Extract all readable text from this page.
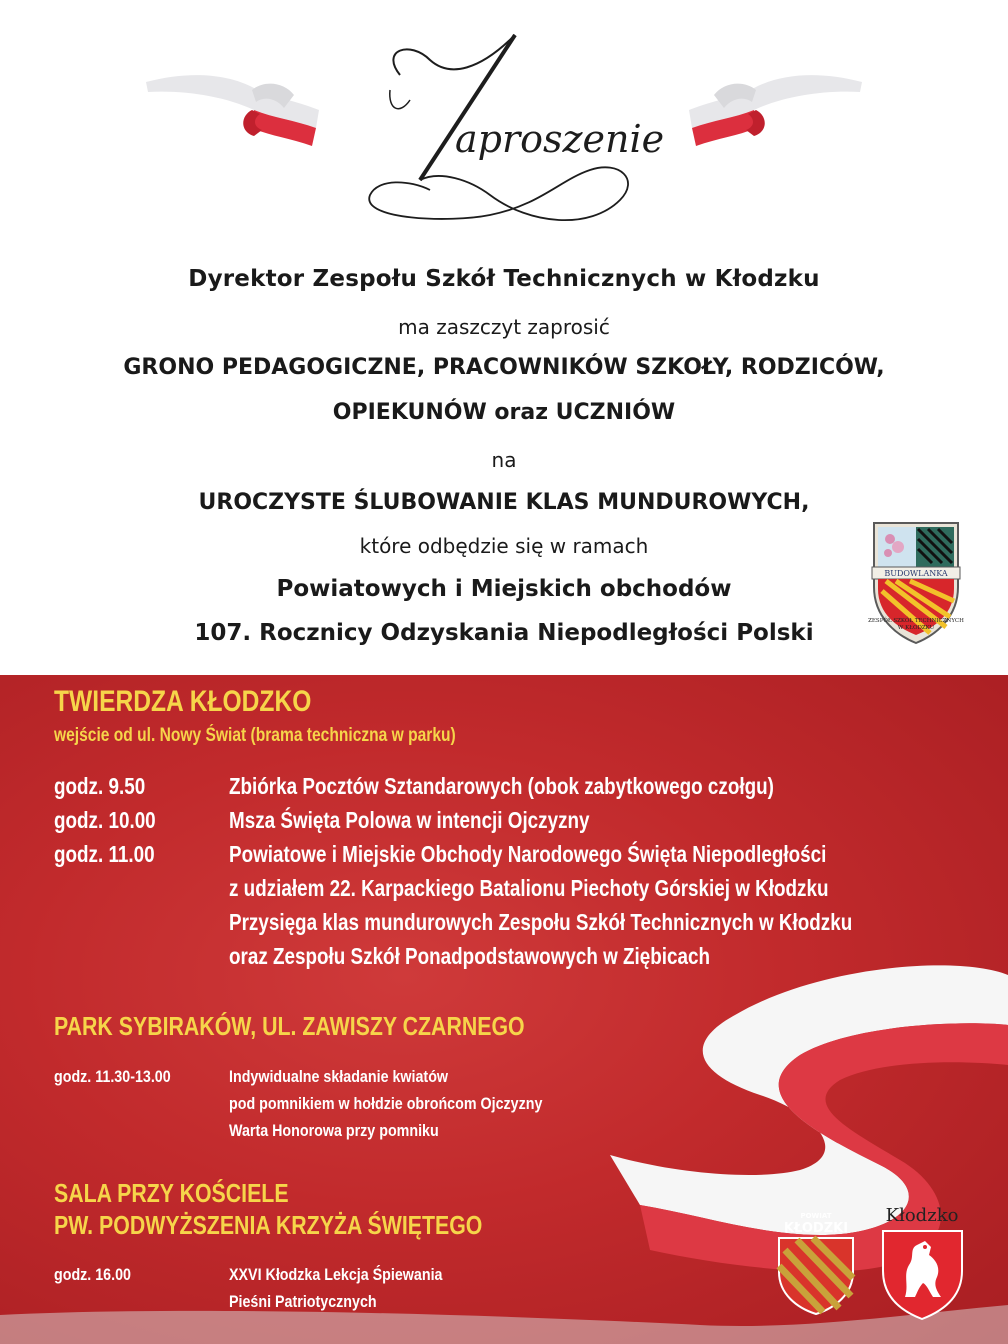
aproszenie
Dyrektor Zespołu Szkół Technicznych w Kłodzku
ma zaszczyt zaprosić
GRONO PEDAGOGICZNE, PRACOWNIKÓW SZKOŁY, RODZICÓW,
OPIEKUNÓW oraz UCZNIÓW
na
UROCZYSTE ŚLUBOWANIE KLAS MUNDUROWYCH,
które odbędzie się w ramach
Powiatowych i Miejskich obchodów
107. Rocznicy Odzyskania Niepodległości Polski
BUDOWLANKA
ZESPÓŁ SZKÓŁ TECHNICZNYCH
W KŁODZKU
TWIERDZA KŁODZKO
wejście od ul. Nowy Świat (brama techniczna w parku)
godz. 9.50	Zbiórka Pocztów Sztandarowych (obok zabytkowego czołgu)
godz. 10.00	Msza Święta Polowa w intencji Ojczyzny
godz. 11.00	Powiatowe i Miejskie Obchody Narodowego Święta Niepodległości
z udziałem 22. Karpackiego Batalionu Piechoty Górskiej w Kłodzku
Przysięga klas mundurowych Zespołu Szkół Technicznych w Kłodzku
oraz Zespołu Szkół Ponadpodstawowych w Ziębicach
PARK SYBIRAKÓW, UL. ZAWISZY CZARNEGO
godz. 11.30-13.00	Indywidualne składanie kwiatów
pod pomnikiem w hołdzie obrońcom Ojczyzny
Warta Honorowa przy pomniku
SALA PRZY KOŚCIELE
PW. PODWYŻSZENIA KRZYŻA ŚWIĘTEGO
godz. 16.00	XXVI Kłodzka Lekcja Śpiewania
Pieśni Patriotycznych
POWIAT
KŁODZKI
Kłodzko
